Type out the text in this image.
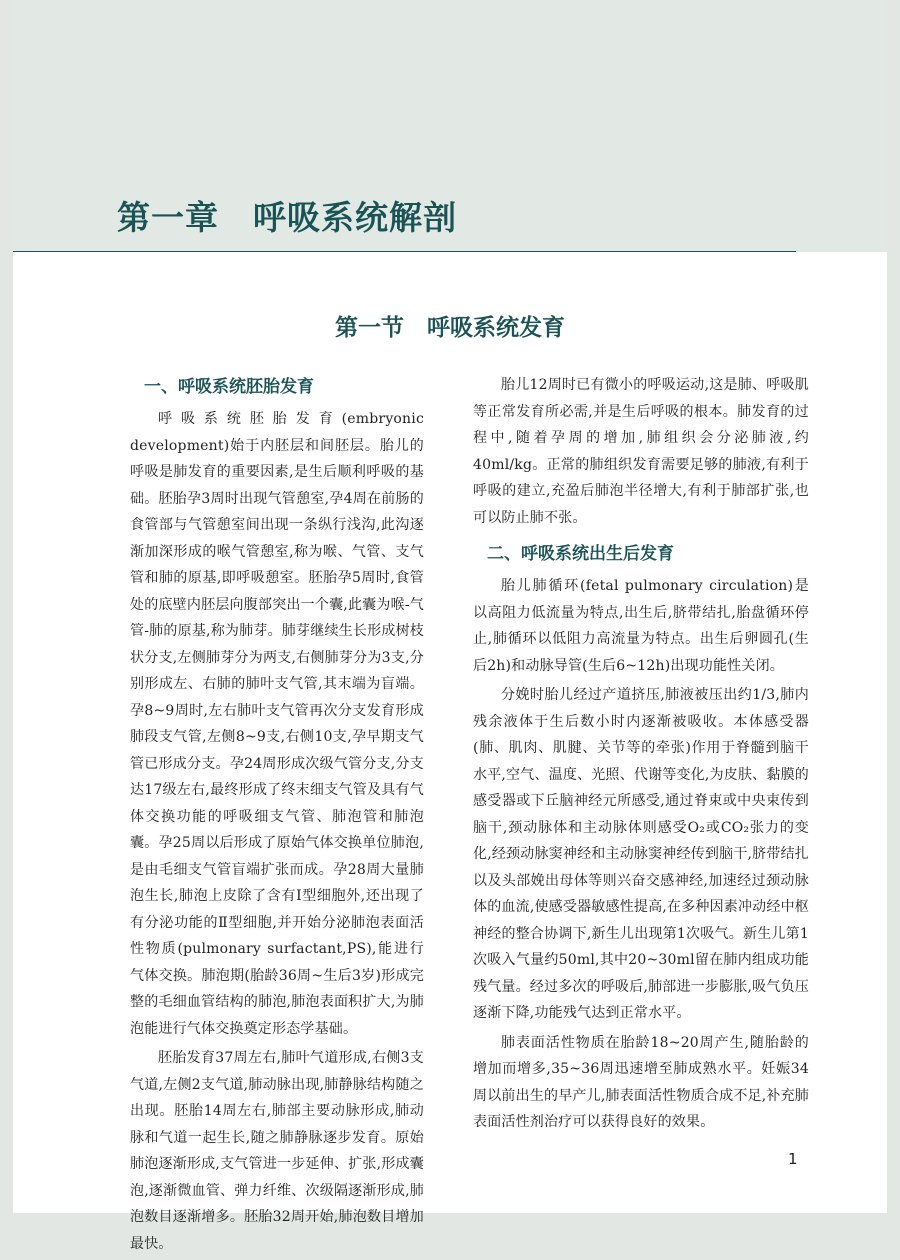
第一章　呼吸系统解剖
第一节　呼吸系统发育
一、呼吸系统胚胎发育

呼吸系统胚胎发育(embryonic development)始于内胚层和间胚层。胎儿的呼吸是肺发育的重要因素,是生后顺利呼吸的基础。胚胎孕3周时出现气管憩室,孕4周在前肠的食管部与气管憩室间出现一条纵行浅沟,此沟逐渐加深形成的喉气管憩室,称为喉、气管、支气管和肺的原基,即呼吸憩室。胚胎孕5周时,食管处的底壁内胚层向腹部突出一个囊,此囊为喉-气管-肺的原基,称为肺芽。肺芽继续生长形成树枝状分支,左侧肺芽分为两支,右侧肺芽分为3支,分别形成左、右肺的肺叶支气管,其末端为盲端。孕8~9周时,左右肺叶支气管再次分支发育形成肺段支气管,左侧8~9支,右侧10支,孕早期支气管已形成分支。孕24周形成次级气管分支,分支达17级左右,最终形成了终末细支气管及具有气体交换功能的呼吸细支气管、肺泡管和肺泡囊。孕25周以后形成了原始气体交换单位肺泡,是由毛细支气管盲端扩张而成。孕28周大量肺泡生长,肺泡上皮除了含有Ⅰ型细胞外,还出现了有分泌功能的Ⅱ型细胞,并开始分泌肺泡表面活性物质(pulmonary surfactant,PS),能进行气体交换。肺泡期(胎龄36周~生后3岁)形成完整的毛细血管结构的肺泡,肺泡表面积扩大,为肺泡能进行气体交换奠定形态学基础。

胚胎发育37周左右,肺叶气道形成,右侧3支气道,左侧2支气道,肺动脉出现,肺静脉结构随之出现。胚胎14周左右,肺部主要动脉形成,肺动脉和气道一起生长,随之肺静脉逐步发育。原始肺泡逐渐形成,支气管进一步延伸、扩张,形成囊泡,逐渐微血管、弹力纤维、次级隔逐渐形成,肺泡数目逐渐增多。胚胎32周开始,肺泡数目增加最快。

胎儿12周时已有微小的呼吸运动,这是肺、呼吸肌等正常发育所必需,并是生后呼吸的根本。肺发育的过程中,随着孕周的增加,肺组织会分泌肺液,约40ml/kg。正常的肺组织发育需要足够的肺液,有利于呼吸的建立,充盈后肺泡半径增大,有利于肺部扩张,也可以防止肺不张。

二、呼吸系统出生后发育

胎儿肺循环(fetal pulmonary circulation)是以高阻力低流量为特点,出生后,脐带结扎,胎盘循环停止,肺循环以低阻力高流量为特点。出生后卵圆孔(生后2h)和动脉导管(生后6~12h)出现功能性关闭。

分娩时胎儿经过产道挤压,肺液被压出约1/3,肺内残余液体于生后数小时内逐渐被吸收。本体感受器(肺、肌肉、肌腱、关节等的牵张)作用于脊髓到脑干水平,空气、温度、光照、代谢等变化,为皮肤、黏膜的感受器或下丘脑神经元所感受,通过脊束或中央束传到脑干,颈动脉体和主动脉体则感受O₂或CO₂张力的变化,经颈动脉窦神经和主动脉窦神经传到脑干,脐带结扎以及头部娩出母体等则兴奋交感神经,加速经过颈动脉体的血流,使感受器敏感性提高,在多种因素冲动经中枢神经的整合协调下,新生儿出现第1次吸气。新生儿第1次吸入气量约50ml,其中20~30ml留在肺内组成功能残气量。经过多次的呼吸后,肺部进一步膨胀,吸气负压逐渐下降,功能残气达到正常水平。

肺表面活性物质在胎龄18~20周产生,随胎龄的增加而增多,35~36周迅速增至肺成熟水平。妊娠34周以前出生的早产儿,肺表面活性物质合成不足,补充肺表面活性剂治疗可以获得良好的效果。

1
